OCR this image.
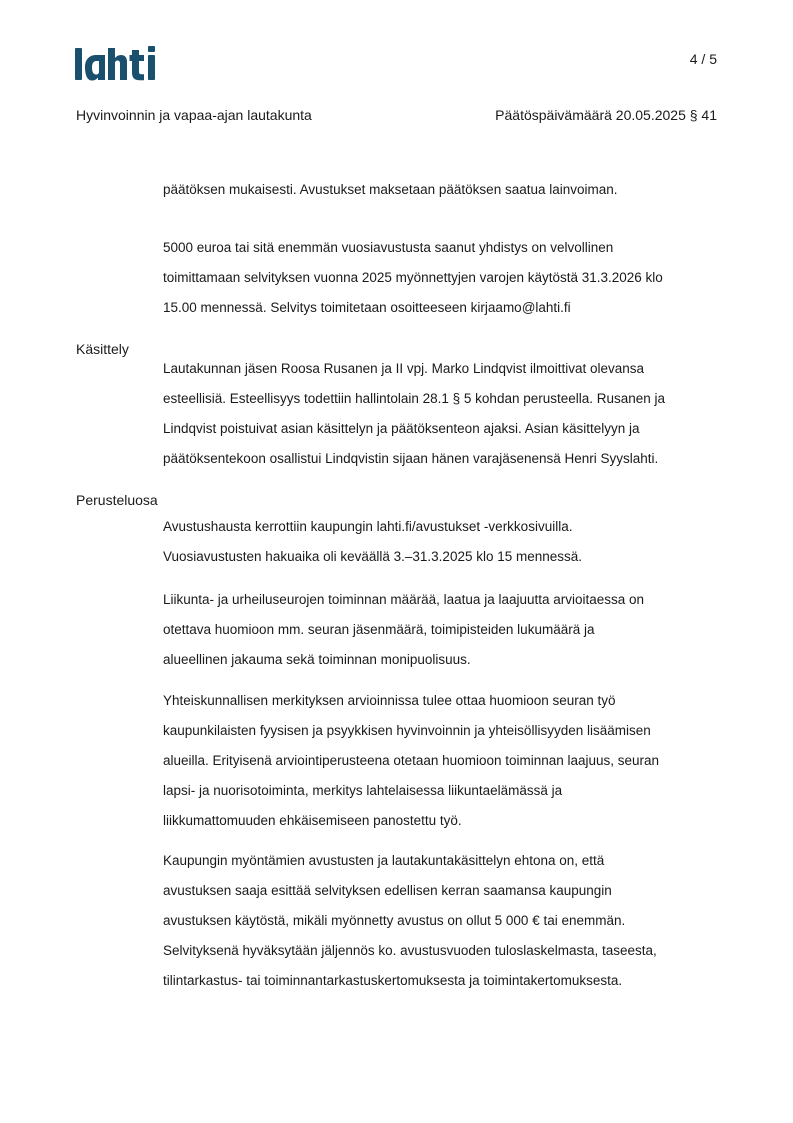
4 / 5
Hyvinvoinnin ja vapaa-ajan lautakunta	Päätöspäivämäärä 20.05.2025 § 41

päätöksen mukaisesti. Avustukset maksetaan päätöksen saatua lainvoiman.

5000 euroa tai sitä enemmän vuosiavustusta saanut yhdistys on velvollinen

toimittamaan selvityksen vuonna 2025 myönnettyjen varojen käytöstä 31.3.2026 klo

15.00 mennessä. Selvitys toimitetaan osoitteeseen kirjaamo@lahti.fi

Käsittely

Lautakunnan jäsen Roosa Rusanen ja II vpj. Marko Lindqvist ilmoittivat olevansa

esteellisiä. Esteellisyys todettiin hallintolain 28.1 § 5 kohdan perusteella. Rusanen ja

Lindqvist poistuivat asian käsittelyn ja päätöksenteon ajaksi. Asian käsittelyyn ja

päätöksentekoon osallistui Lindqvistin sijaan hänen varajäsenensä Henri Syyslahti.

Perusteluosa

Avustushausta kerrottiin kaupungin lahti.fi/avustukset -verkkosivuilla.

Vuosiavustusten hakuaika oli keväällä 3.–31.3.2025 klo 15 mennessä.

Liikunta- ja urheiluseurojen toiminnan määrää, laatua ja laajuutta arvioitaessa on

otettava huomioon mm. seuran jäsenmäärä, toimipisteiden lukumäärä ja

alueellinen jakauma sekä toiminnan monipuolisuus.

Yhteiskunnallisen merkityksen arvioinnissa tulee ottaa huomioon seuran työ

kaupunkilaisten fyysisen ja psyykkisen hyvinvoinnin ja yhteisöllisyyden lisäämisen

alueilla. Erityisenä arviointiperusteena otetaan huomioon toiminnan laajuus, seuran

lapsi- ja nuorisotoiminta, merkitys lahtelaisessa liikuntaelämässä ja

liikkumattomuuden ehkäisemiseen panostettu työ.

Kaupungin myöntämien avustusten ja lautakuntakäsittelyn ehtona on, että

avustuksen saaja esittää selvityksen edellisen kerran saamansa kaupungin

avustuksen käytöstä, mikäli myönnetty avustus on ollut 5 000 € tai enemmän.

Selvityksenä hyväksytään jäljennös ko. avustusvuoden tuloslaskelmasta, taseesta,

tilintarkastus- tai toiminnantarkastuskertomuksesta ja toimintakertomuksesta.
